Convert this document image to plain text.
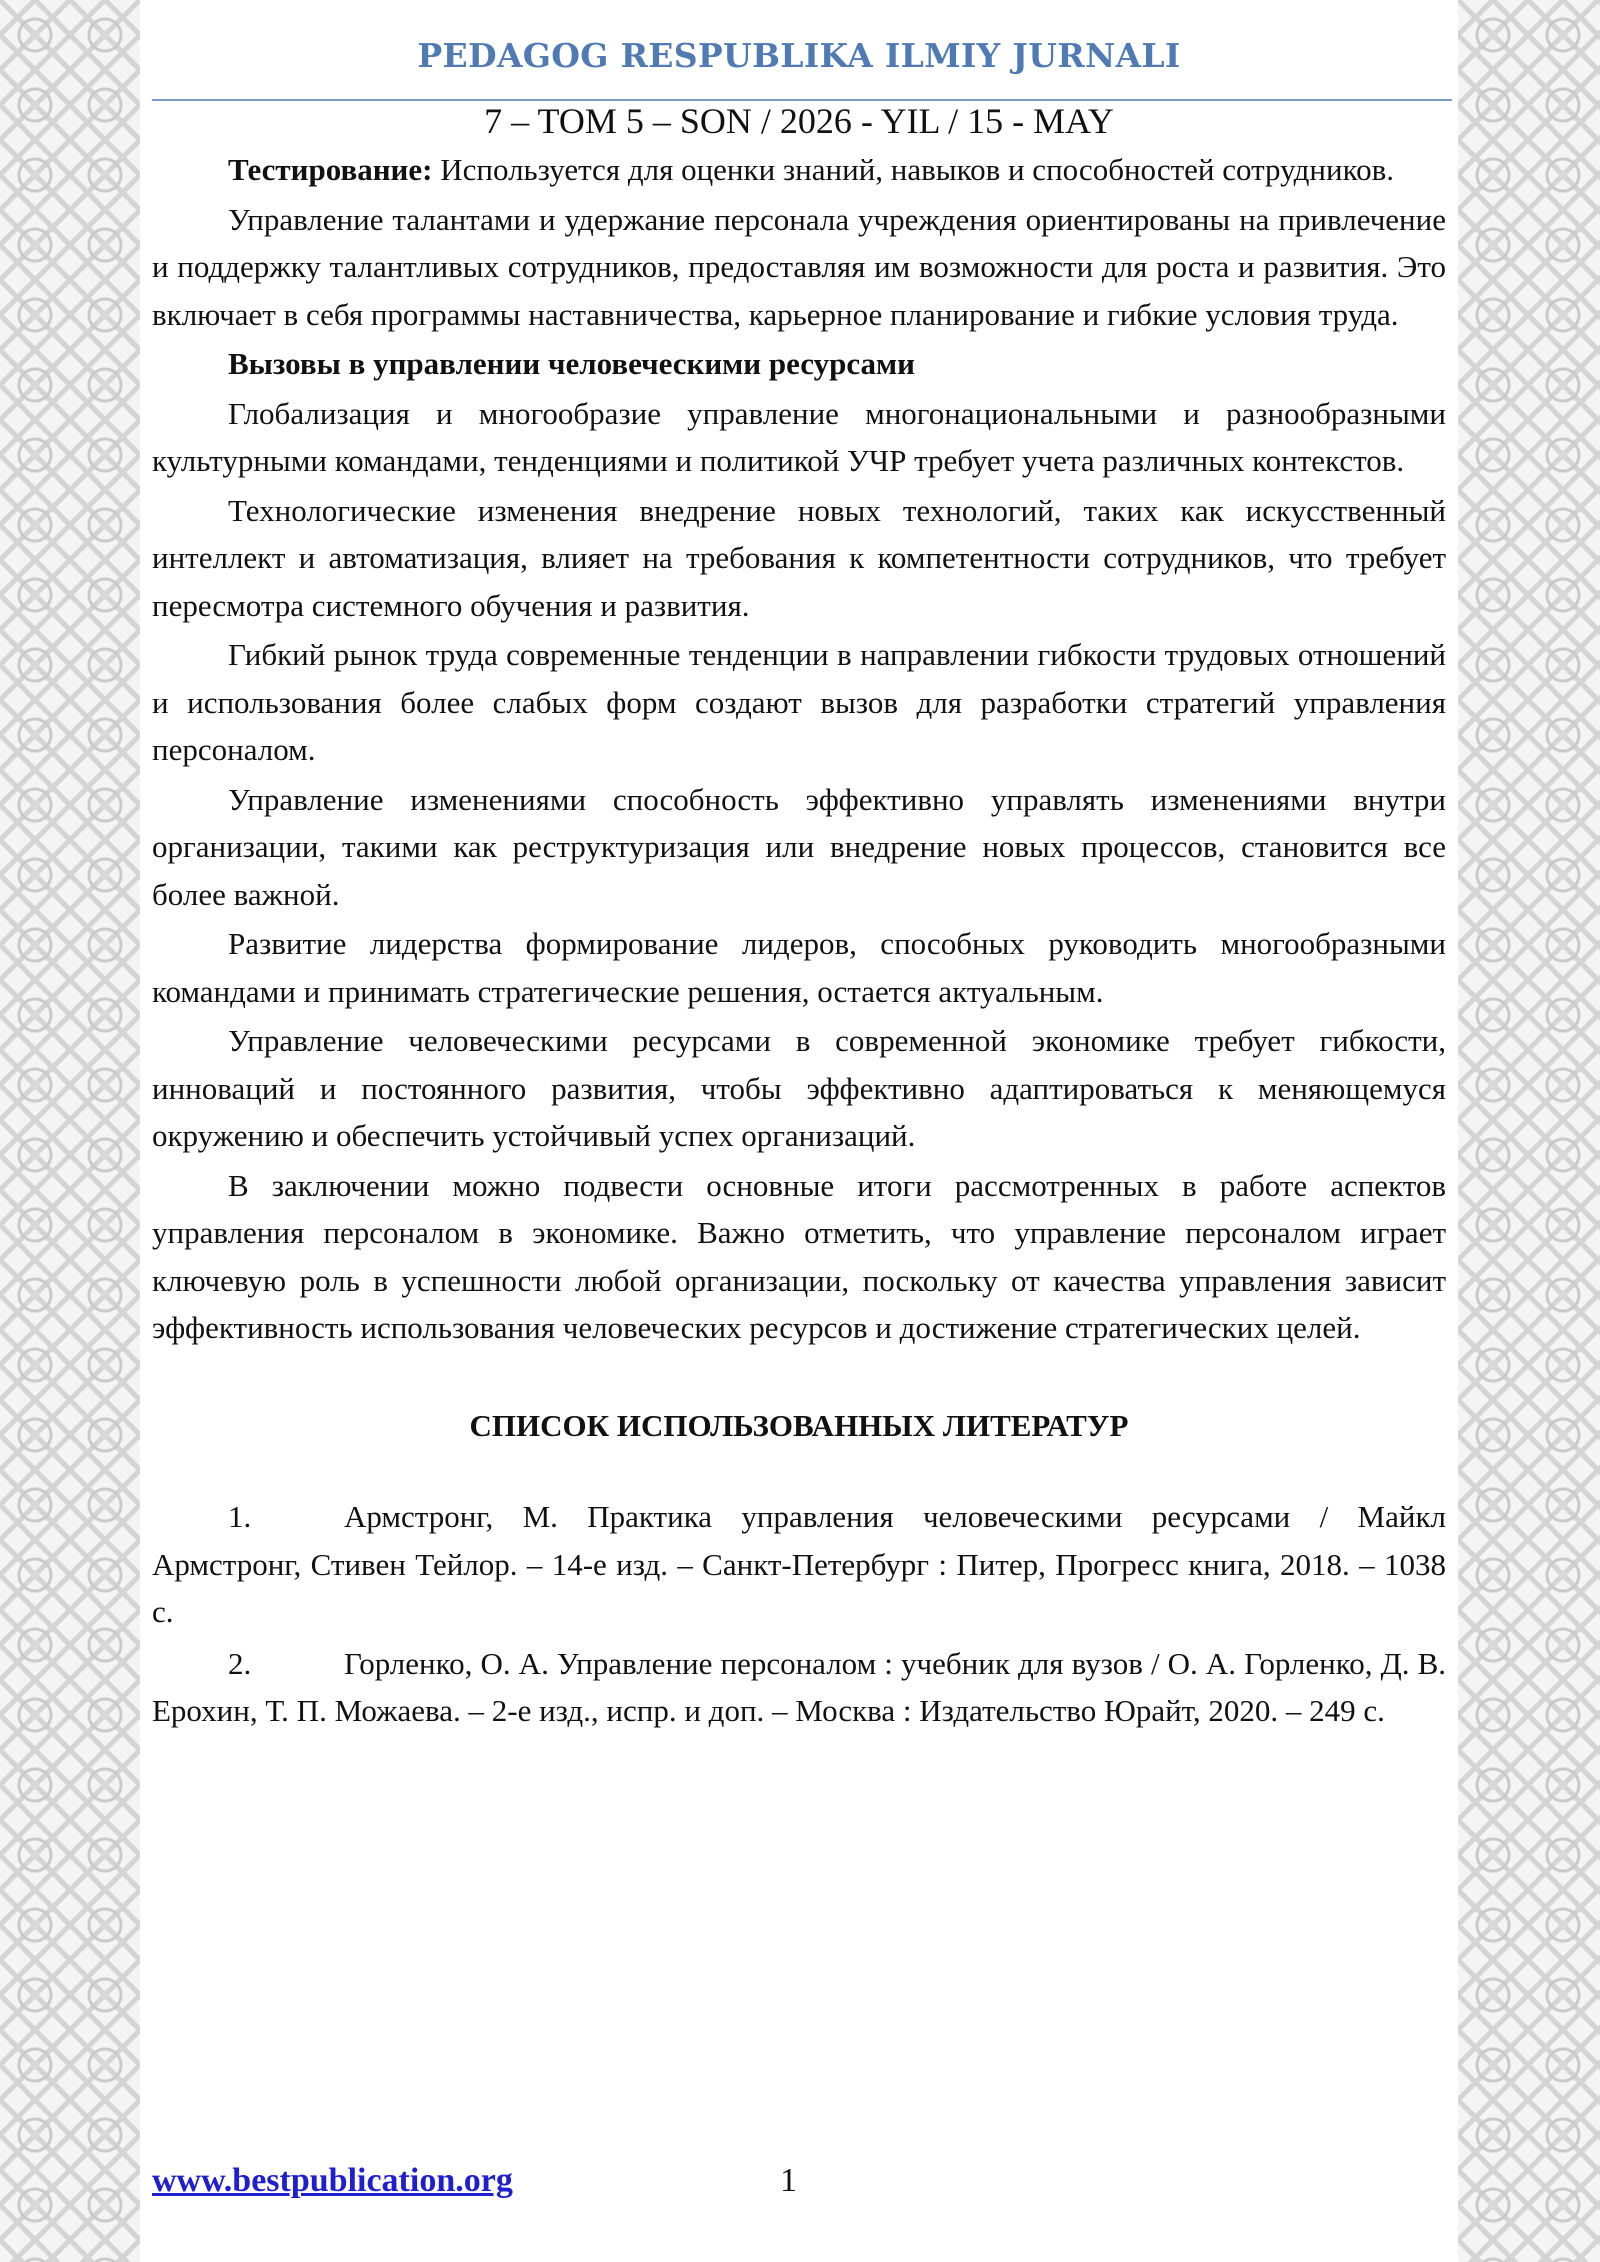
PEDAGOG RESPUBLIKA ILMIY JURNALI
7 – TOM 5 – SON / 2026 - YIL / 15 - MAY

Тестирование: Используется для оценки знаний, навыков и способностей сотрудников.

Управление талантами и удержание персонала учреждения ориентированы на привлечение и поддержку талантливых сотрудников, предоставляя им возможности для роста и развития. Это включает в себя программы наставничества, карьерное планирование и гибкие условия труда.

Вызовы в управлении человеческими ресурсами

Глобализация и многообразие управление многонациональными и разнообразными культурными командами, тенденциями и политикой УЧР требует учета различных контекстов.

Технологические изменения внедрение новых технологий, таких как искусственный интеллект и автоматизация, влияет на требования к компетентности сотрудников, что требует пересмотра системного обучения и развития.

Гибкий рынок труда современные тенденции в направлении гибкости трудовых отношений и использования более слабых форм создают вызов для разработки стратегий управления персоналом.

Управление изменениями способность эффективно управлять изменениями внутри организации, такими как реструктуризация или внедрение новых процессов, становится все более важной.

Развитие лидерства формирование лидеров, способных руководить многообразными командами и принимать стратегические решения, остается актуальным.

Управление человеческими ресурсами в современной экономике требует гибкости, инноваций и постоянного развития, чтобы эффективно адаптироваться к меняющемуся окружению и обеспечить устойчивый успех организаций.

В заключении можно подвести основные итоги рассмотренных в работе аспектов управления персоналом в экономике. Важно отметить, что управление персоналом играет ключевую роль в успешности любой организации, поскольку от качества управления зависит эффективность использования человеческих ресурсов и достижение стратегических целей.

СПИСОК ИСПОЛЬЗОВАННЫХ ЛИТЕРАТУР

1.	Армстронг, М. Практика управления человеческими ресурсами / Майкл Армстронг, Стивен Тейлор. – 14-е изд. – Санкт-Петербург : Питер, Прогресс книга, 2018. – 1038 с.

2.	Горленко, О. А. Управление персоналом : учебник для вузов / О. А. Горленко, Д. В. Ерохин, Т. П. Можаева. – 2-е изд., испр. и доп. – Москва : Издательство Юрайт, 2020. – 249 с.

www.bestpublication.org	1
